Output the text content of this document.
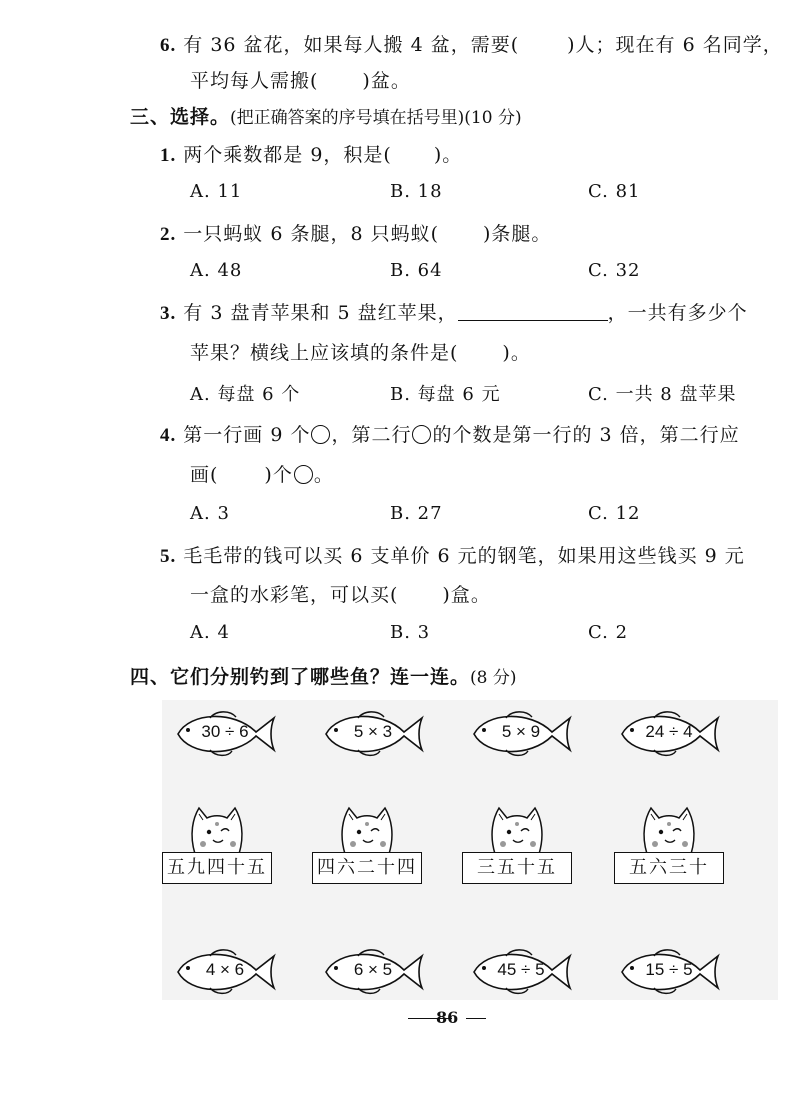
6. 有 36 盆花，如果每人搬 4 盆，需要(	)人；现在有 6 名同学，
平均每人需搬( )盆。
三、选择。(把正确答案的序号填在括号里)(10 分)
1. 两个乘数都是 9，积是( )。
A. 11	B. 18	C. 81
2. 一只蚂蚁 6 条腿，8 只蚂蚁( )条腿。
A. 48	B. 64	C. 32
3. 有 3 盘青苹果和 5 盘红苹果，	，一共有多少个
苹果？横线上应该填的条件是( )。
A. 每盘 6 个	B. 每盘 6 元	C. 一共 8 盘苹果
4. 第一行画 9 个 ，第二行 的个数是第一行的 3 倍，第二行应
画( )个 。
A. 3	B. 27	C. 12
5. 毛毛带的钱可以买 6 支单价 6 元的钢笔，如果用这些钱买 9 元
一盒的水彩笔，可以买( )盒。
A. 4	B. 3	C. 2
四、它们分别钓到了哪些鱼？连一连。(8 分)
30 ÷ 6	5 × 3	5 × 9	24 ÷ 4
五九四十五	四六二十四	三五十五	五六三十
4 × 6	6 × 5	45 ÷ 5	15 ÷ 5
86
